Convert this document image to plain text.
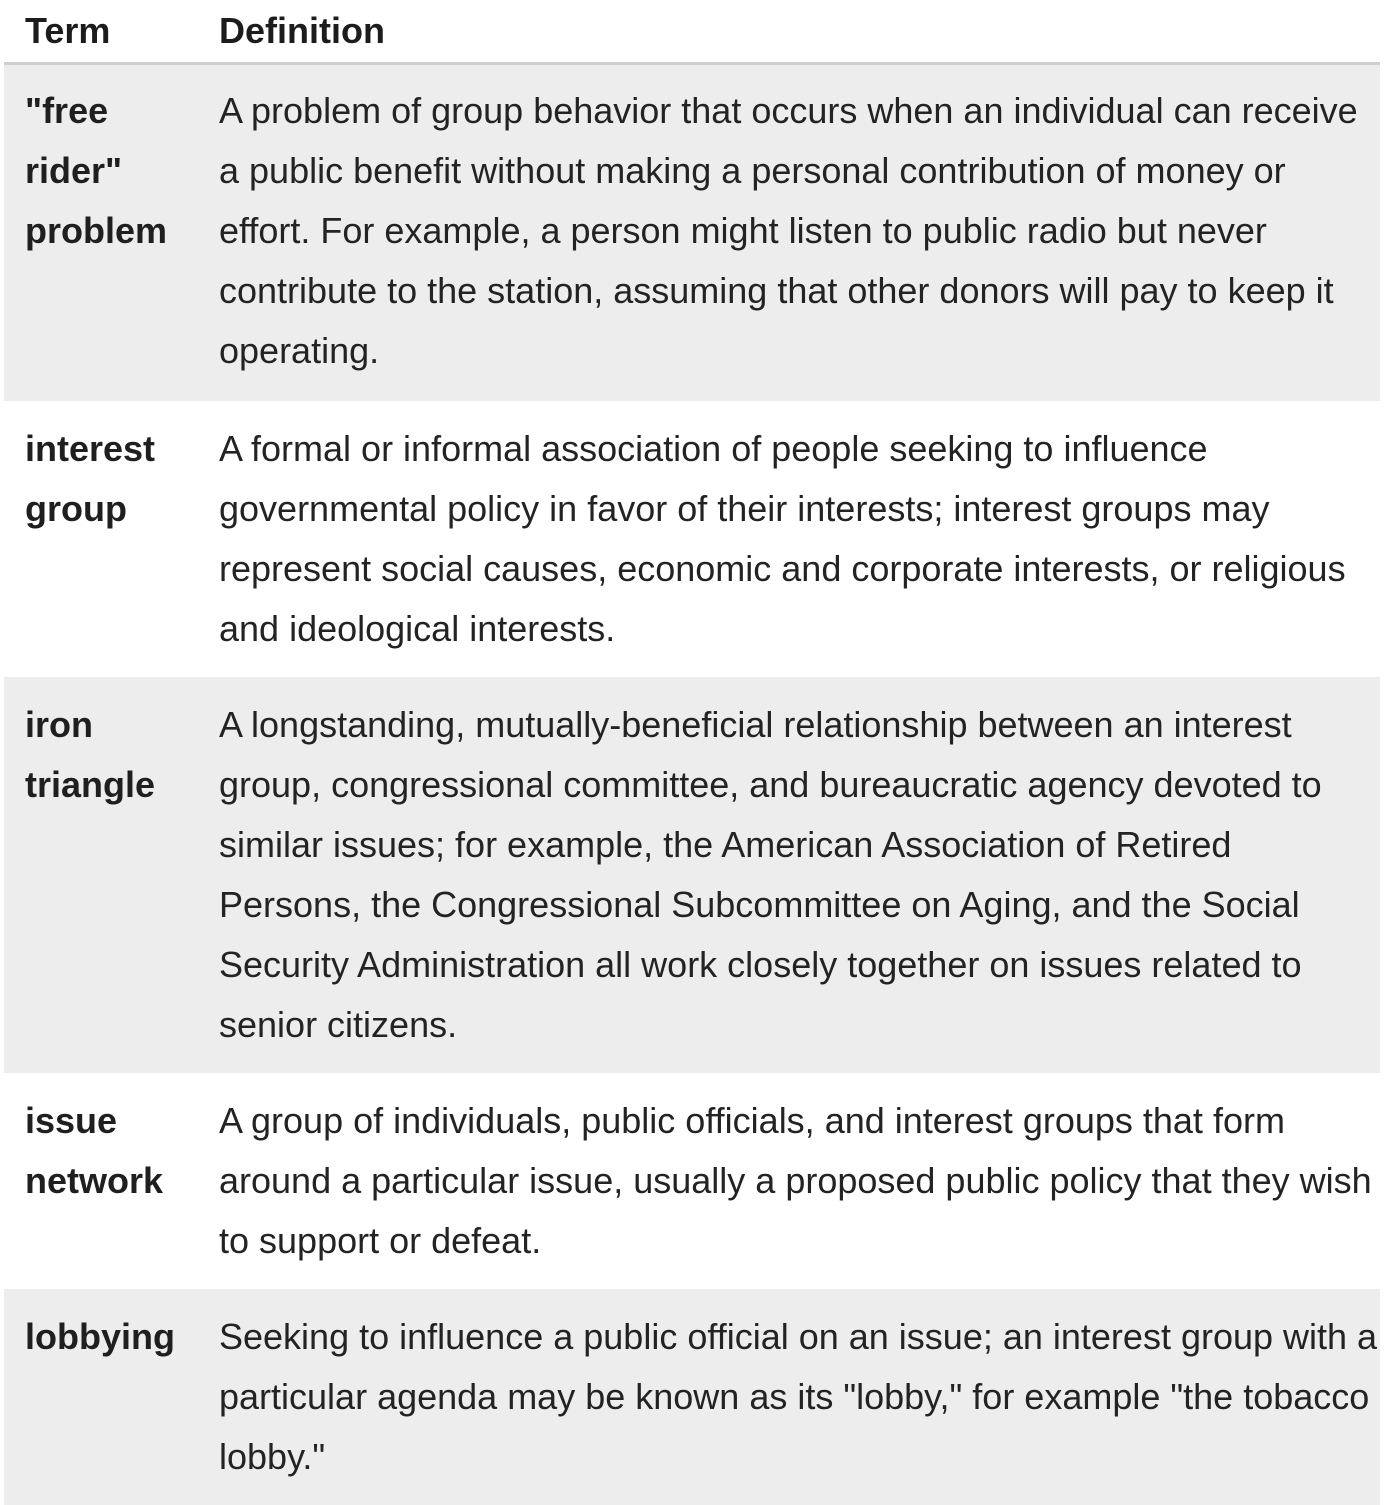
Term	Definition
"free rider" problem	A problem of group behavior that occurs when an individual can receive a public benefit without making a personal contribution of money or effort. For example, a person might listen to public radio but never contribute to the station, assuming that other donors will pay to keep it operating.
interest group	A formal or informal association of people seeking to influence governmental policy in favor of their interests; interest groups may represent social causes, economic and corporate interests, or religious and ideological interests.
iron triangle	A longstanding, mutually-beneficial relationship between an interest group, congressional committee, and bureaucratic agency devoted to similar issues; for example, the American Association of Retired Persons, the Congressional Subcommittee on Aging, and the Social Security Administration all work closely together on issues related to senior citizens.
issue network	A group of individuals, public officials, and interest groups that form around a particular issue, usually a proposed public policy that they wish to support or defeat.
lobbying	Seeking to influence a public official on an issue; an interest group with a particular agenda may be known as its "lobby," for example "the tobacco lobby."
